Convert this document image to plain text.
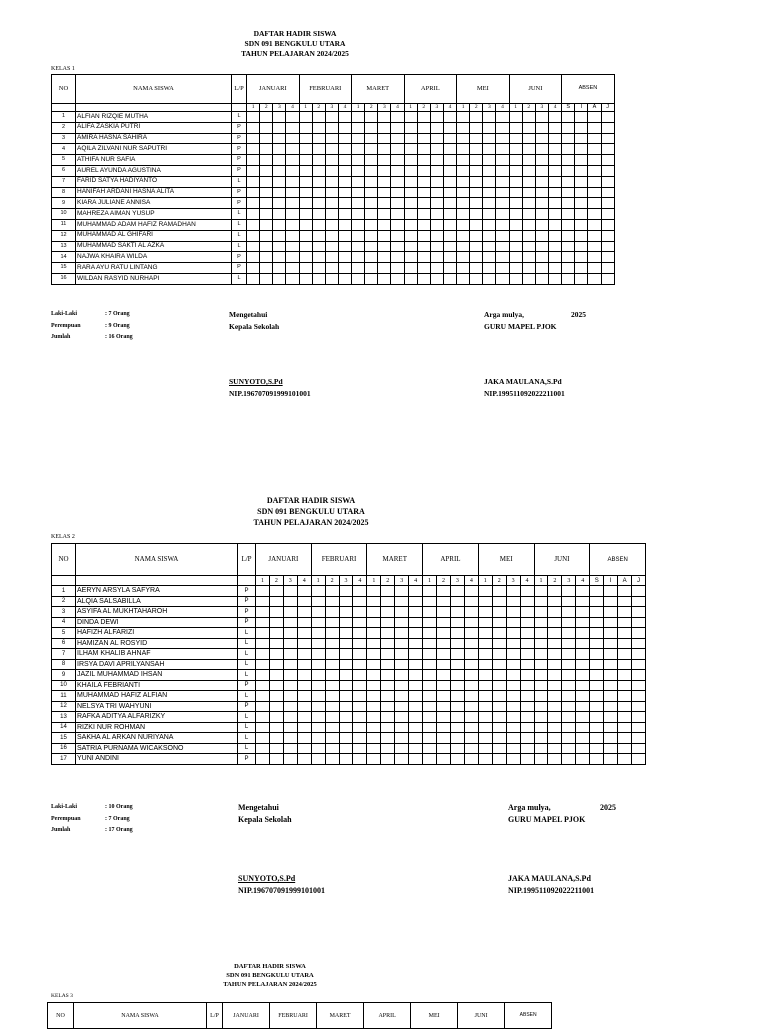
DAFTAR HADIR SISWA
SDN 091 BENGKULU UTARA
TAHUN PELAJARAN 2024/2025
KELAS 1
NO	NAMA SISWA	L/P	JANUARI				FEBRUARI				MARET				APRIL				MEI				JUNI				ABSEN			
			1	2	3	4	1	2	3	4	1	2	3	4	1	2	3	4	1	2	3	4	1	2	3	4	S	I	A	J
1	ALFIAN RIZQIE MUTHA	L																												
2	ALIFA ZASKIA PUTRI	P																												
3	AMIRA HASNA SAHIRA	P																												
4	AQILA ZILVANI NUR SAPUTRI	P																												
5	ATHIFA NUR SAFIA	P																												
6	AUREL AYUNDA AGUSTINA	P																												
7	FARID SATYA HADIYANTO	L																												
8	HANIFAH ARDANI HASNA ALITA	P																												
9	KIARA JULIANE ANNISA	P																												
10	MAHREZA AIMAN YUSUP	L																												
11	MUHAMMAD ADAM HAFIZ RAMADHAN	L																												
12	MUHAMMAD AL GHIFARI	L																												
13	MUHAMMAD SAKTI AL AZKA	L																												
14	NAJWA KHAIRA WILDA	P																												
15	RARA AYU RATU LINTANG	P																												
16	WILDAN RASYID NURHAPI	L																												
Laki-Laki	: 7 Orang
Perempuan	: 9 Orang
Jumlah	: 16 Orang
Mengetahui
Kepala Sekolah
SUNYOTO,S.Pd
NIP.196707091999101001
Arga mulya,	2025
GURU MAPEL PJOK
JAKA MAULANA,S.Pd
NIP.199511092022211001
DAFTAR HADIR SISWA
SDN 091 BENGKULU UTARA
TAHUN PELAJARAN 2024/2025
KELAS 2
NO	NAMA SISWA	L/P	JANUARI				FEBRUARI				MARET				APRIL				MEI				JUNI				ABSEN			
			1	2	3	4	1	2	3	4	1	2	3	4	1	2	3	4	1	2	3	4	1	2	3	4	S	I	A	J
1	AERYN ARSYLA SAFYRA	P																												
2	ALQIA SALSABILLA	P																												
3	ASYIFA AL MUKHTAHAROH	P																												
4	DINDA DEWI	P																												
5	HAFIZH ALFARIZI	L																												
6	HAMIZAN AL ROSYID	L																												
7	ILHAM KHALIB AHNAF	L																												
8	IRSYA DAVI APRILYANSAH	L																												
9	JAZIL MUHAMMAD IHSAN	L																												
10	KHAILA FEBRIANTI	P																												
11	MUHAMMAD HAFIZ ALFIAN	L																												
12	NELSYA TRI WAHYUNI	P																												
13	RAFKA ADITYA ALFARIZKY	L																												
14	RIZKI NUR ROHMAN	L																												
15	SAKHA AL ARKAN NURIYANA	L																												
16	SATRIA PURNAMA WICAKSONO	L																												
17	YUNI ANDINI	P																												
Laki-Laki	: 10 Orang
Perempuan	: 7 Orang
Jumlah	: 17 Orang
Mengetahui
Kepala Sekolah
SUNYOTO,S.Pd
NIP.196707091999101001
Arga mulya,	2025
GURU MAPEL PJOK
JAKA MAULANA,S.Pd
NIP.199511092022211001
DAFTAR HADIR SISWA
SDN 091 BENGKULU UTARA
TAHUN PELAJARAN 2024/2025
KELAS 3
NO	NAMA SISWA	L/P	JANUARI	FEBRUARI	MARET	APRIL	MEI	JUNI	ABSEN
